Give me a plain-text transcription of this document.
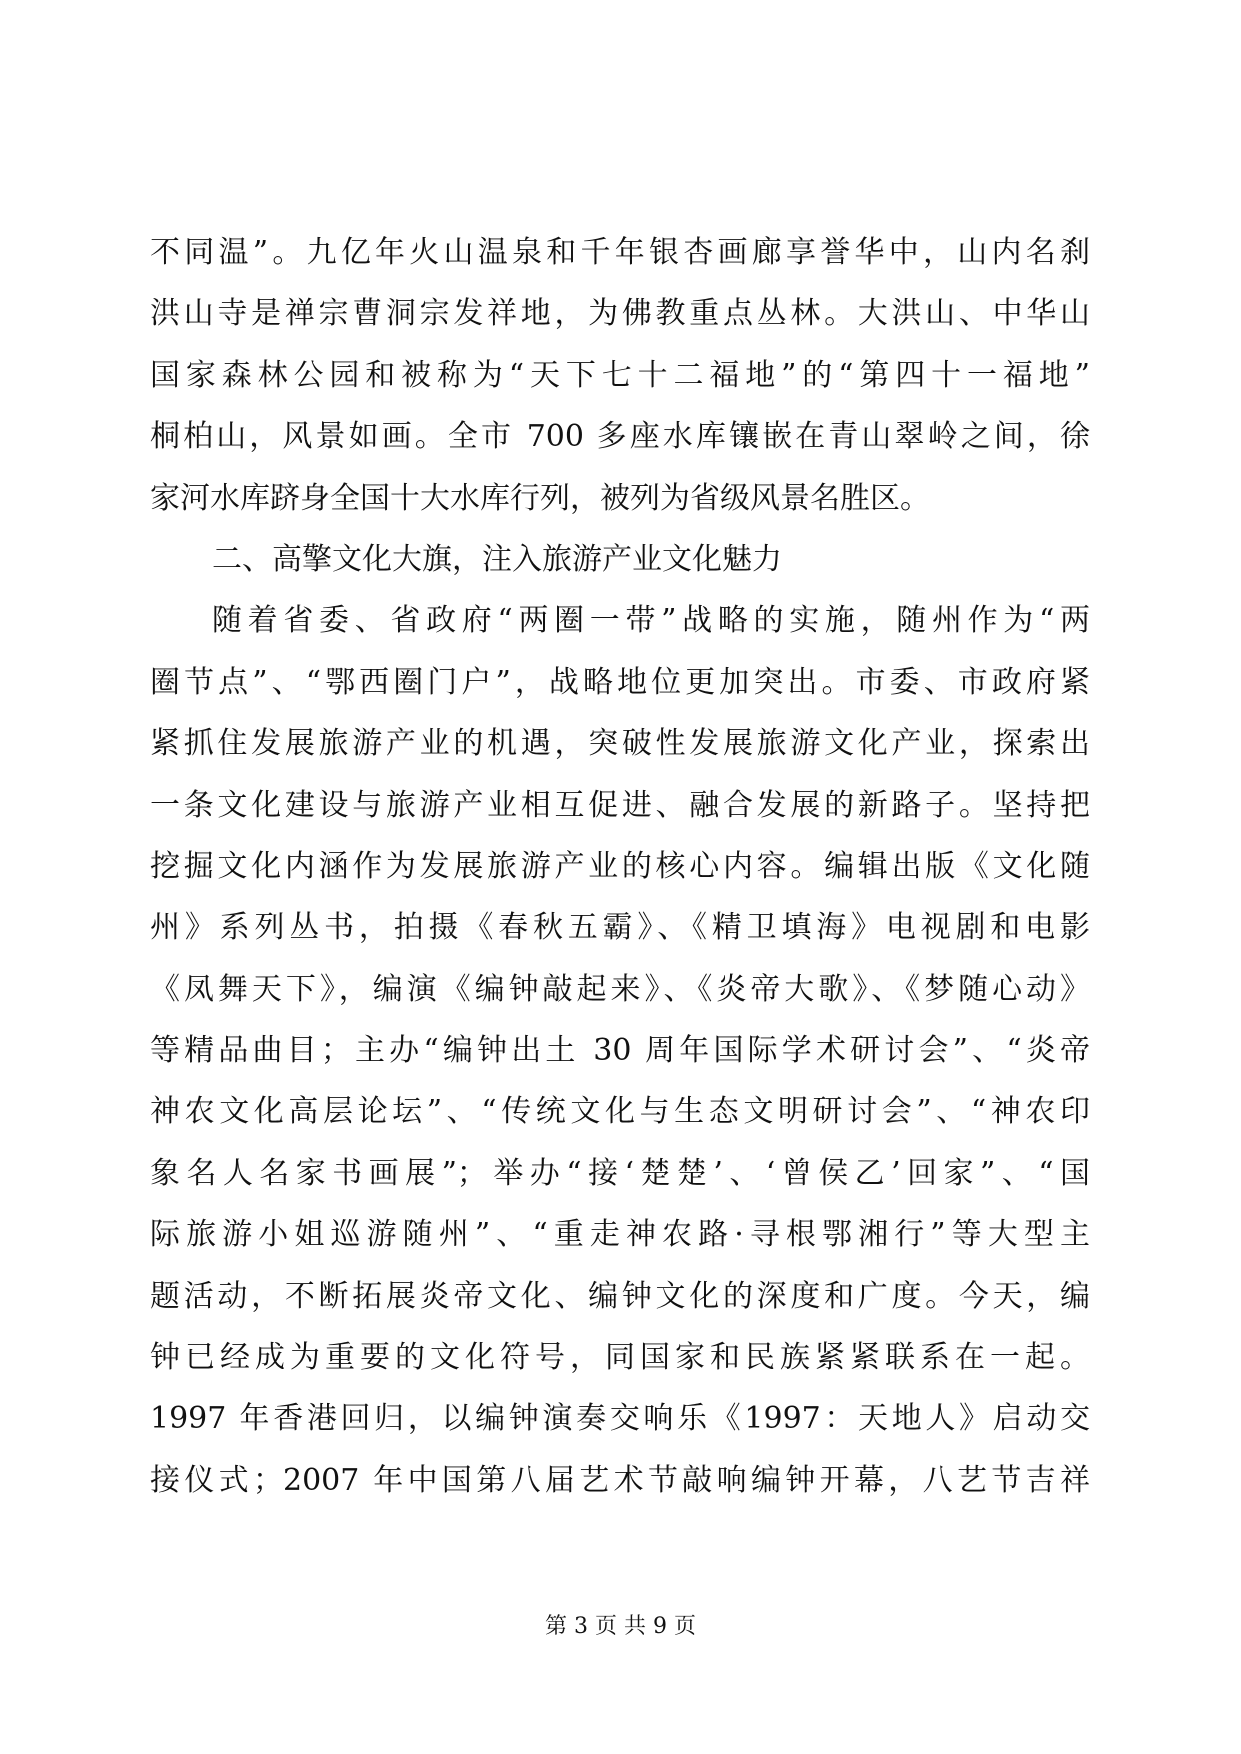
不同温”。九亿年火山温泉和千年银杏画廊享誉华中，山内名刹
洪山寺是禅宗曹洞宗发祥地，为佛教重点丛林。大洪山、中华山
国家森林公园和被称为“天下七十二福地”的“第四十一福地”
桐柏山，风景如画。全市 700 多座水库镶嵌在青山翠岭之间，徐
家河水库跻身全国十大水库行列，被列为省级风景名胜区。
二、高擎文化大旗，注入旅游产业文化魅力
随着省委、省政府“两圈一带”战略的实施，随州作为“两
圈节点”、“鄂西圈门户”，战略地位更加突出。市委、市政府紧
紧抓住发展旅游产业的机遇，突破性发展旅游文化产业，探索出
一条文化建设与旅游产业相互促进、融合发展的新路子。坚持把
挖掘文化内涵作为发展旅游产业的核心内容。编辑出版《文化随
州》系列丛书，拍摄《春秋五霸》、《精卫填海》电视剧和电影
《凤舞天下》，编演《编钟敲起来》、《炎帝大歌》、《梦随心动》
等精品曲目；主办“编钟出土 30 周年国际学术研讨会”、“炎帝
神农文化高层论坛”、“传统文化与生态文明研讨会”、“神农印
象名人名家书画展”；举办“接‘楚楚’、‘曾侯乙’回家”、“国
际旅游小姐巡游随州”、“重走神农路·寻根鄂湘行”等大型主
题活动，不断拓展炎帝文化、编钟文化的深度和广度。今天，编
钟已经成为重要的文化符号，同国家和民族紧紧联系在一起。
1997 年香港回归，以编钟演奏交响乐《1997：天地人》启动交
接仪式；2007 年中国第八届艺术节敲响编钟开幕，八艺节吉祥
第 3 页 共 9 页
